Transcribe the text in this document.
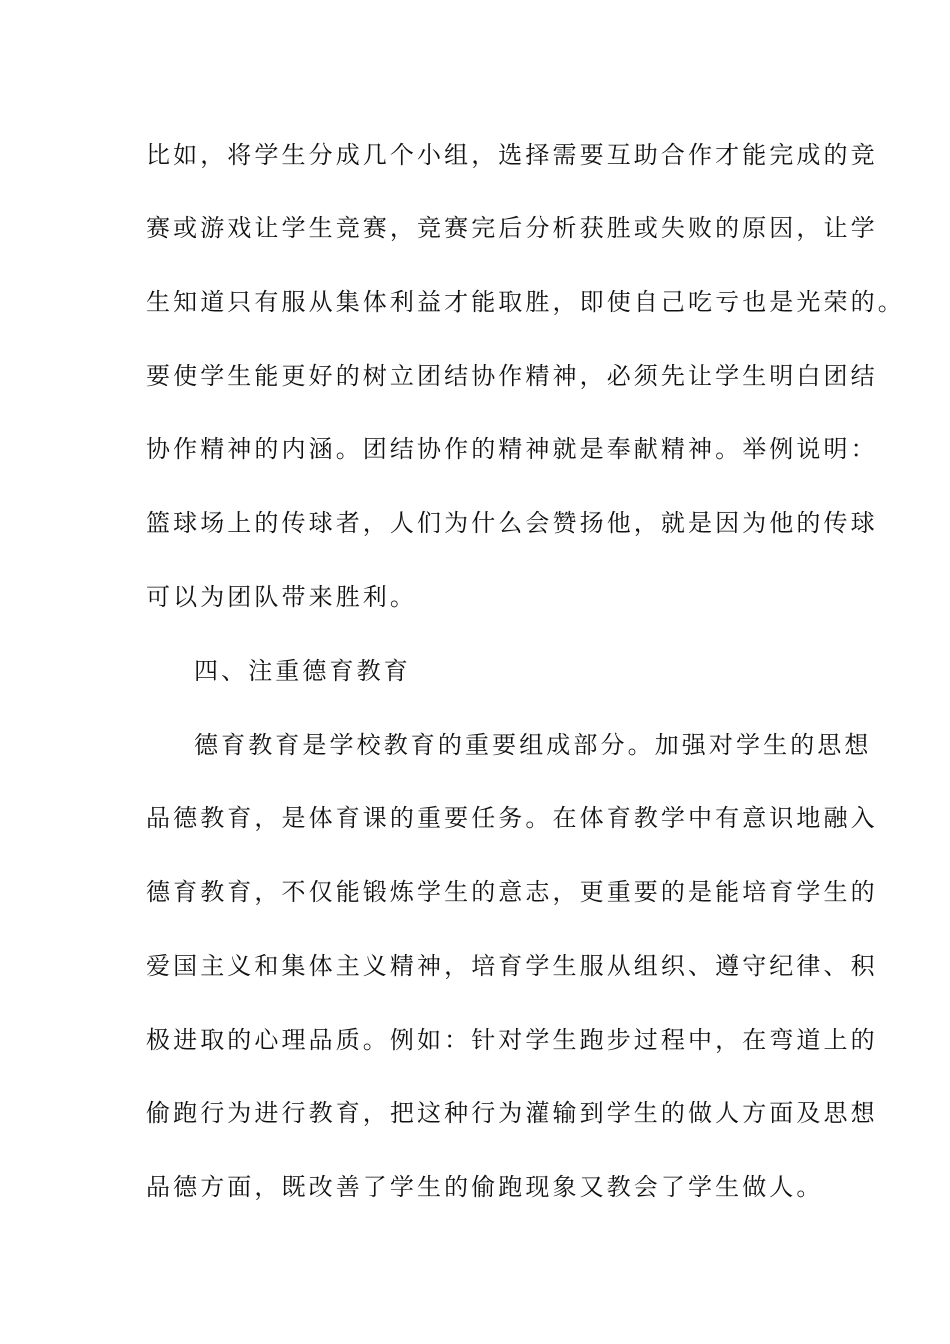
比如，将学生分成几个小组，选择需要互助合作才能完成的竞
赛或游戏让学生竞赛，竞赛完后分析获胜或失败的原因，让学
生知道只有服从集体利益才能取胜，即使自己吃亏也是光荣的。
要使学生能更好的树立团结协作精神，必须先让学生明白团结
协作精神的内涵。团结协作的精神就是奉献精神。举例说明：
篮球场上的传球者，人们为什么会赞扬他，就是因为他的传球
可以为团队带来胜利。
四、注重德育教育
德育教育是学校教育的重要组成部分。加强对学生的思想
品德教育，是体育课的重要任务。在体育教学中有意识地融入
德育教育，不仅能锻炼学生的意志，更重要的是能培育学生的
爱国主义和集体主义精神，培育学生服从组织、遵守纪律、积
极进取的心理品质。例如：针对学生跑步过程中，在弯道上的
偷跑行为进行教育，把这种行为灌输到学生的做人方面及思想
品德方面，既改善了学生的偷跑现象又教会了学生做人。
